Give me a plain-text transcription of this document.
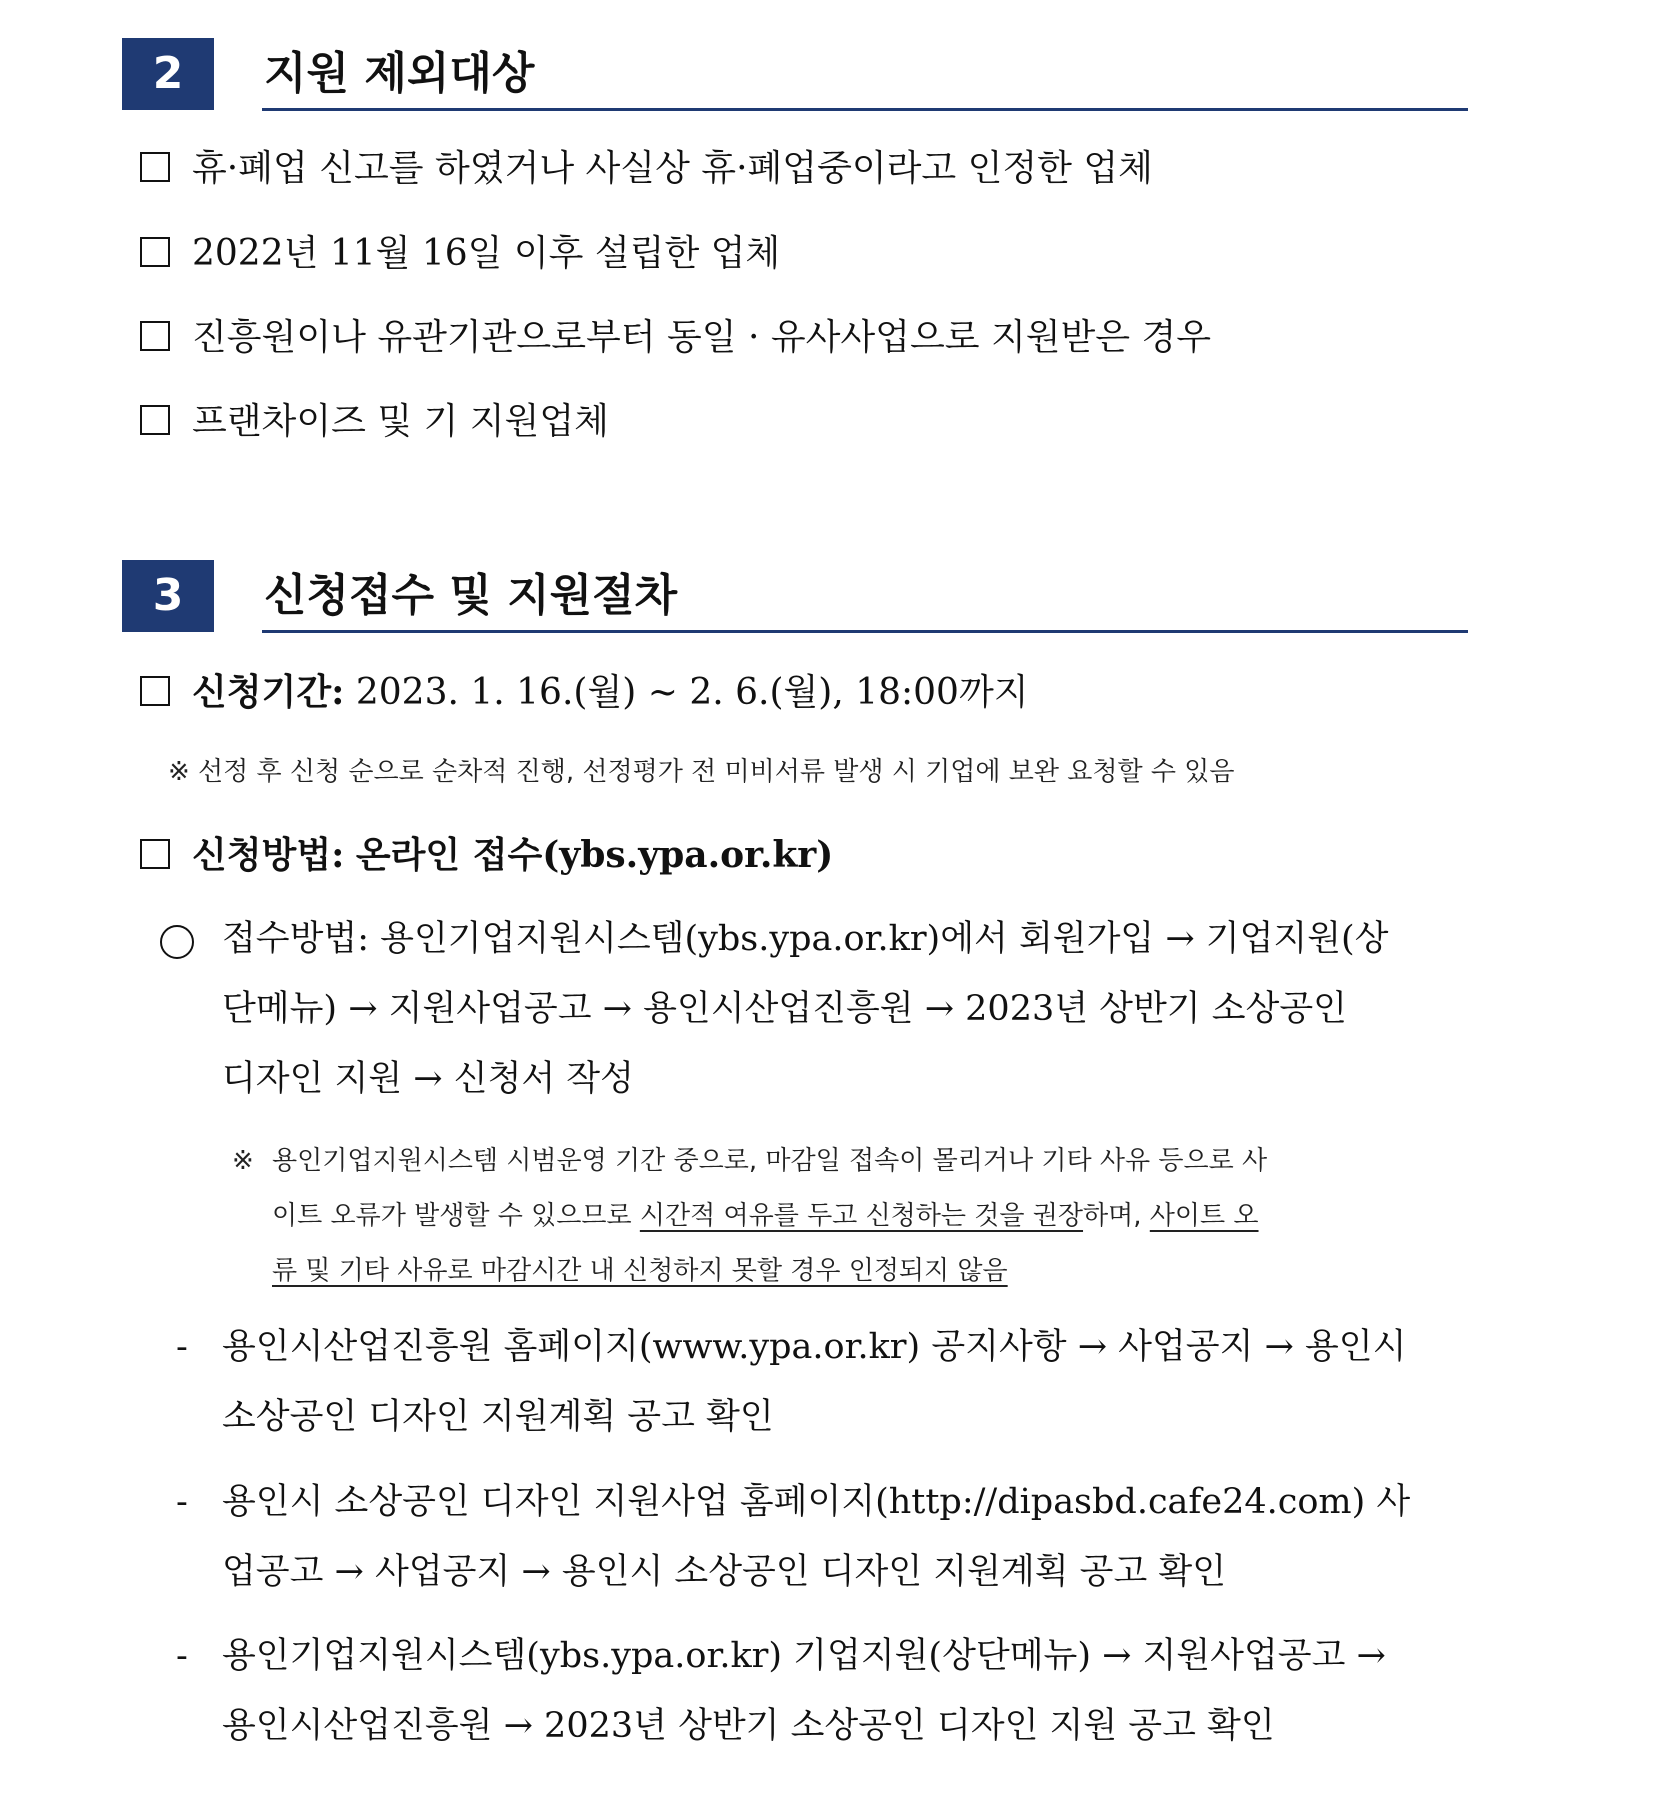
2	지원 제외대상
휴·폐업 신고를 하였거나 사실상 휴·폐업중이라고 인정한 업체
2022년 11월 16일 이후 설립한 업체
진흥원이나 유관기관으로부터 동일 · 유사사업으로 지원받은 경우
프랜차이즈 및 기 지원업체
3	신청접수 및 지원절차
신청기간: 2023. 1. 16.(월) ~ 2. 6.(월), 18:00까지
※ 선정 후 신청 순으로 순차적 진행, 선정평가 전 미비서류 발생 시 기업에 보완 요청할 수 있음
신청방법: 온라인 접수(ybs.ypa.or.kr)
접수방법: 용인기업지원시스템(ybs.ypa.or.kr)에서 회원가입 → 기업지원(상
단메뉴) → 지원사업공고 → 용인시산업진흥원 → 2023년 상반기 소상공인
디자인 지원 → 신청서 작성
※ 용인기업지원시스템 시범운영 기간 중으로, 마감일 접속이 몰리거나 기타 사유 등으로 사
이트 오류가 발생할 수 있으므로 시간적 여유를 두고 신청하는 것을 권장하며, 사이트 오
류 및 기타 사유로 마감시간 내 신청하지 못할 경우 인정되지 않음
- 용인시산업진흥원 홈페이지(www.ypa.or.kr) 공지사항 → 사업공지 → 용인시
소상공인 디자인 지원계획 공고 확인
- 용인시 소상공인 디자인 지원사업 홈페이지(http://dipasbd.cafe24.com) 사
업공고 → 사업공지 → 용인시 소상공인 디자인 지원계획 공고 확인
- 용인기업지원시스템(ybs.ypa.or.kr) 기업지원(상단메뉴) → 지원사업공고 →
용인시산업진흥원 → 2023년 상반기 소상공인 디자인 지원 공고 확인
